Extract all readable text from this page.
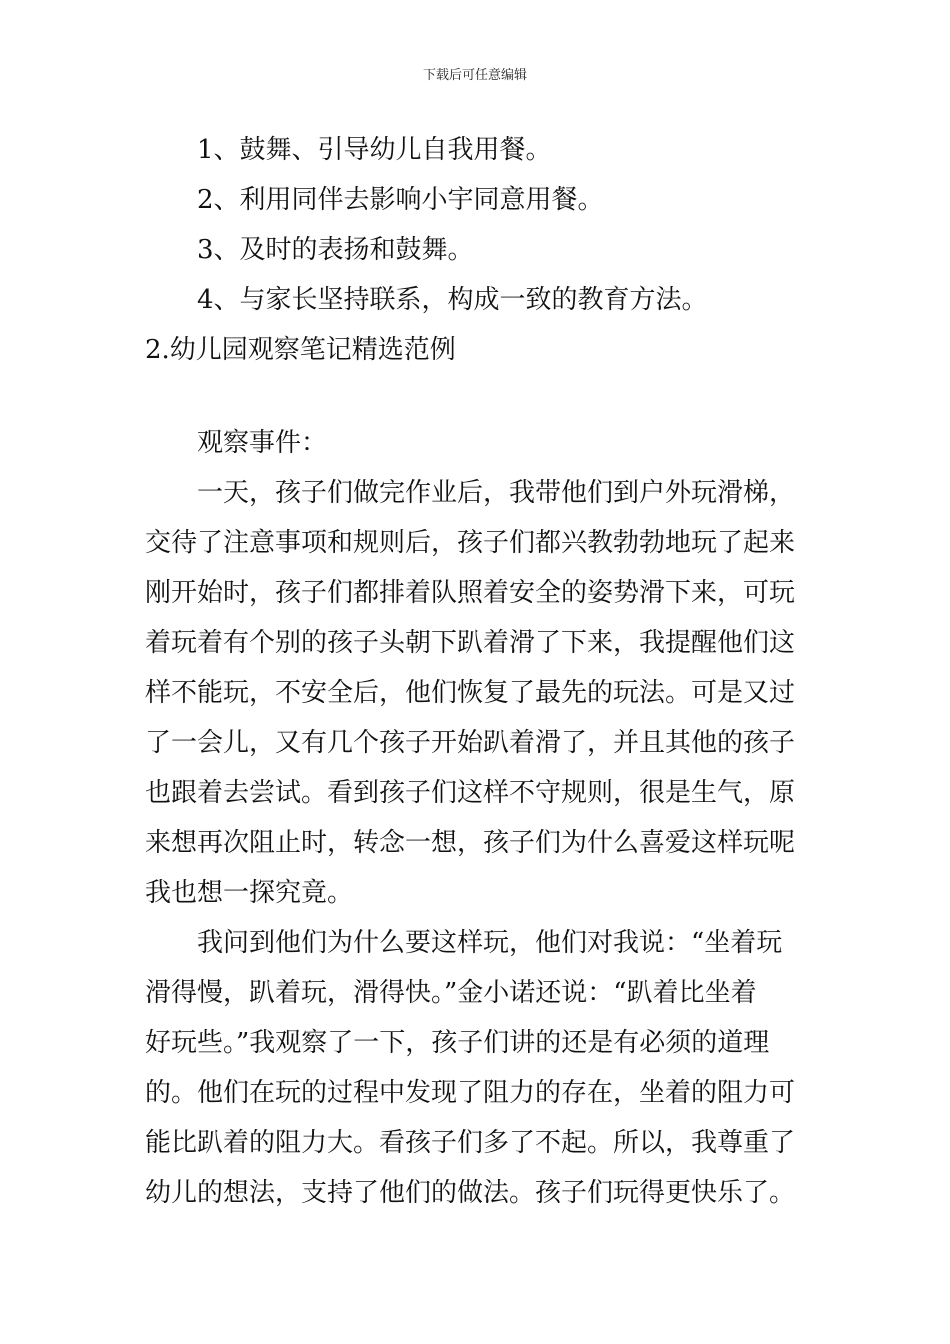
下载后可任意编辑
1、鼓舞、引导幼儿自我用餐。
2、利用同伴去影响小宇同意用餐。
3、及时的表扬和鼓舞。
4、与家长坚持联系，构成一致的教育方法。
2.幼儿园观察笔记精选范例
观察事件：
一天，孩子们做完作业后，我带他们到户外玩滑梯，
交待了注意事项和规则后，孩子们都兴教勃勃地玩了起来
刚开始时，孩子们都排着队照着安全的姿势滑下来，可玩
着玩着有个别的孩子头朝下趴着滑了下来，我提醒他们这
样不能玩，不安全后，他们恢复了最先的玩法。可是又过
了一会儿，又有几个孩子开始趴着滑了，并且其他的孩子
也跟着去尝试。看到孩子们这样不守规则，很是生气，原
来想再次阻止时，转念一想，孩子们为什么喜爱这样玩呢
我也想一探究竟。
我问到他们为什么要这样玩，他们对我说：“坐着玩
滑得慢，趴着玩，滑得快。”金小诺还说：“趴着比坐着
好玩些。”我观察了一下，孩子们讲的还是有必须的道理
的。他们在玩的过程中发现了阻力的存在，坐着的阻力可
能比趴着的阻力大。看孩子们多了不起。所以，我尊重了
幼儿的想法，支持了他们的做法。孩子们玩得更快乐了。
